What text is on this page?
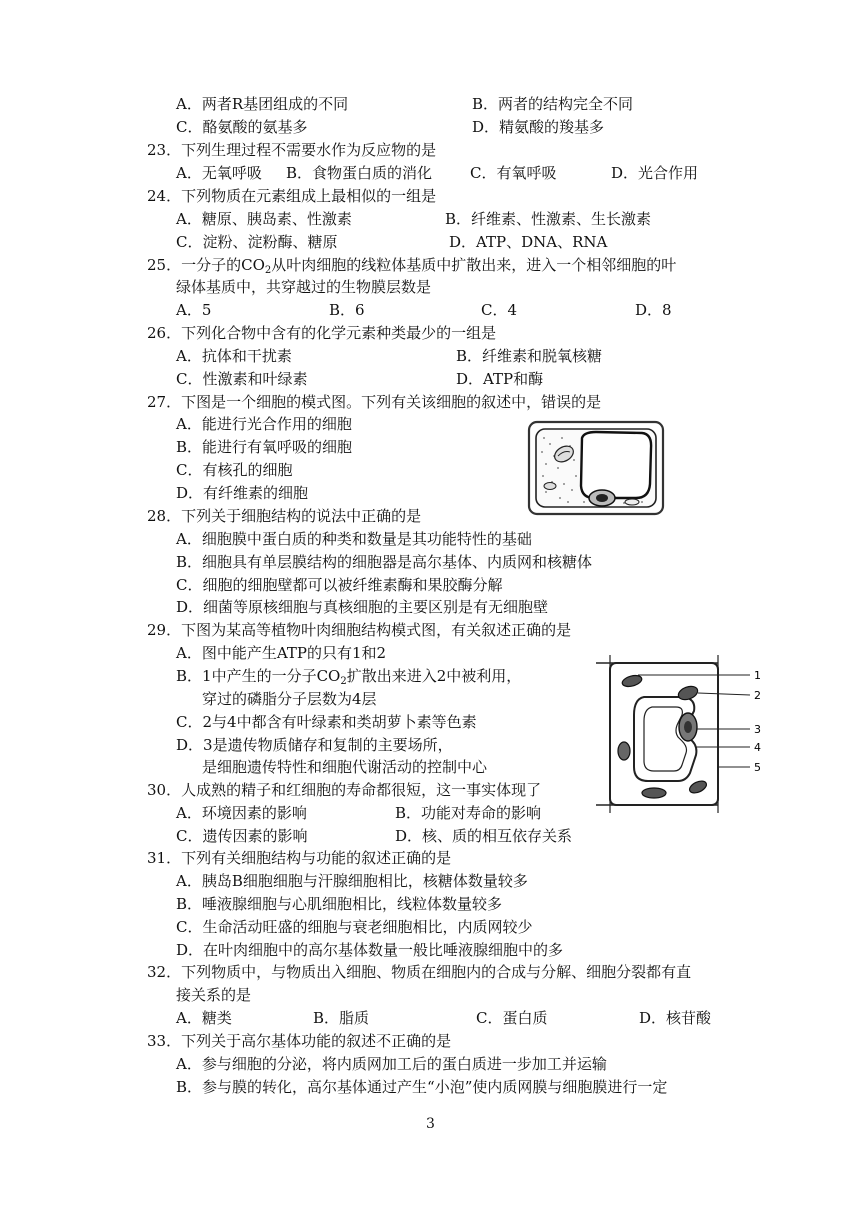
A．两者R基团组成的不同	B．两者的结构完全不同
C．酪氨酸的氨基多	D．精氨酸的羧基多
23．下列生理过程不需要水作为反应物的是
A．无氧呼吸 B．食物蛋白质的消化	C．有氧呼吸	D．光合作用
24．下列物质在元素组成上最相似的一组是
A．糖原、胰岛素、性激素	B．纤维素、性激素、生长激素
C．淀粉、淀粉酶、糖原	D．ATP、DNA、RNA
25．一分子的$CO_2$从叶肉细胞的线粒体基质中扩散出来，进入一个相邻细胞的叶
绿体基质中，共穿越过的生物膜层数是
A．5	B．6	C．4	D．8
26．下列化合物中含有的化学元素种类最少的一组是
A．抗体和干扰素	B．纤维素和脱氧核糖
C．性激素和叶绿素	D．ATP和酶
27．下图是一个细胞的模式图。下列有关该细胞的叙述中，错误的是
A．能进行光合作用的细胞
B．能进行有氧呼吸的细胞
C．有核孔的细胞
D．有纤维素的细胞
28．下列关于细胞结构的说法中正确的是
A．细胞膜中蛋白质的种类和数量是其功能特性的基础
B．细胞具有单层膜结构的细胞器是高尔基体、内质网和核糖体
C．细胞的细胞壁都可以被纤维素酶和果胶酶分解
D．细菌等原核细胞与真核细胞的主要区别是有无细胞壁
29．下图为某高等植物叶肉细胞结构模式图，有关叙述正确的是
A．图中能产生ATP的只有1和2
B．1中产生的一分子$CO_2$扩散出来进入2中被利用，
穿过的磷脂分子层数为4层
C．2与4中都含有叶绿素和类胡萝卜素等色素
D．3是遗传物质储存和复制的主要场所，
是细胞遗传特性和细胞代谢活动的控制中心
1
2
3
4
5
30．人成熟的精子和红细胞的寿命都很短，这一事实体现了
A．环境因素的影响	B．功能对寿命的影响
C．遗传因素的影响	D．核、质的相互依存关系
31．下列有关细胞结构与功能的叙述正确的是
A．胰岛B细胞细胞与汗腺细胞相比，核糖体数量较多
B．唾液腺细胞与心肌细胞相比，线粒体数量较多
C．生命活动旺盛的细胞与衰老细胞相比，内质网较少
D．在叶肉细胞中的高尔基体数量一般比唾液腺细胞中的多
32．下列物质中，与物质出入细胞、物质在细胞内的合成与分解、细胞分裂都有直
接关系的是
A．糖类	B．脂质	C．蛋白质	D．核苷酸
33．下列关于高尔基体功能的叙述不正确的是
A．参与细胞的分泌，将内质网加工后的蛋白质进一步加工并运输
B．参与膜的转化，高尔基体通过产生“小泡”使内质网膜与细胞膜进行一定
3
